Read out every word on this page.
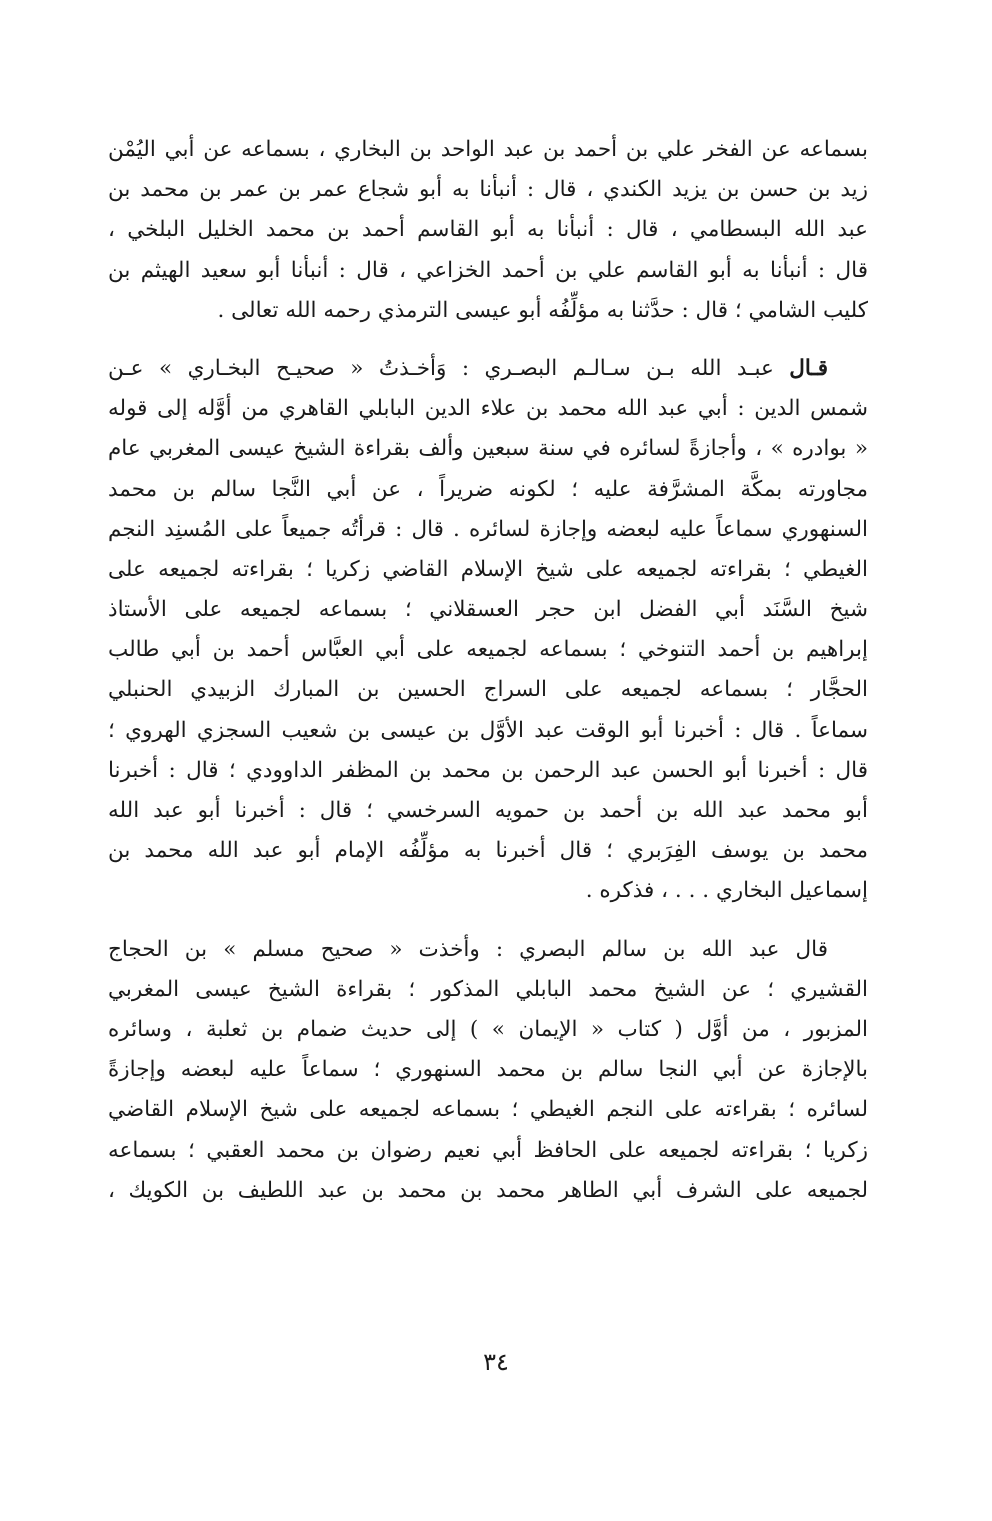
بسماعه عن الفخر علي بن أحمد بن عبد الواحد بن البخاري ، بسماعه عن أبي اليُمْن
زيد بن حسن بن يزيد الكندي ، قال : أنبأنا به أبو شجاع عمر بن عمر بن محمد بن
عبد الله البسطامي ، قال : أنبأنا به أبو القاسم أحمد بن محمد الخليل البلخي ،
قال : أنبأنا به أبو القاسم علي بن أحمد الخزاعي ، قال : أنبأنا أبو سعيد الهيثم بن
كليب الشامي ؛ قال : حدَّثنا به مؤلِّفُه أبو عيسى الترمذي رحمه الله تعالى .
قـال عبـد الله بـن سـالـم البصـري : وَأخـذتُ « صحيـح البخـاري » عـن
شمس الدين : أبي عبد الله محمد بن علاء الدين البابلي القاهري من أوَّله إلى قوله
« بوادره » ، وأجازةً لسائره في سنة سبعين وألف بقراءة الشيخ عيسى المغربي عام
مجاورته بمكَّة المشرَّفة عليه ؛ لكونه ضريراً ، عن أبي النَّجا سالم بن محمد
السنهوري سماعاً عليه لبعضه وإجازة لسائره . قال : قرأتُه جميعاً على المُسنِد النجم
الغيطي ؛ بقراءته لجميعه على شيخ الإسلام القاضي زكريا ؛ بقراءته لجميعه على
شيخ السَّنَد أبي الفضل ابن حجر العسقلاني ؛ بسماعه لجميعه على الأستاذ
إبراهيم بن أحمد التنوخي ؛ بسماعه لجميعه على أبي العبَّاس أحمد بن أبي طالب
الحجَّار ؛ بسماعه لجميعه على السراج الحسين بن المبارك الزبيدي الحنبلي
سماعاً . قال : أخبرنا أبو الوقت عبد الأوَّل بن عيسى بن شعيب السجزي الهروي ؛
قال : أخبرنا أبو الحسن عبد الرحمن بن محمد بن المظفر الداوودي ؛ قال : أخبرنا
أبو محمد عبد الله بن أحمد بن حمويه السرخسي ؛ قال : أخبرنا أبو عبد الله
محمد بن يوسف الفِرَبري ؛ قال أخبرنا به مؤلِّفُه الإمام أبو عبد الله محمد بن
إسماعيل البخاري . . . ، فذكره .
قال عبد الله بن سالم البصري : وأخذت « صحيح مسلم » بن الحجاج
القشيري ؛ عن الشيخ محمد البابلي المذكور ؛ بقراءة الشيخ عيسى المغربي
المزبور ، من أوَّل ( كتاب « الإيمان » ) إلى حديث ضمام بن ثعلبة ، وسائره
بالإجازة عن أبي النجا سالم بن محمد السنهوري ؛ سماعاً عليه لبعضه وإجازةً
لسائره ؛ بقراءته على النجم الغيطي ؛ بسماعه لجميعه على شيخ الإسلام القاضي
زكريا ؛ بقراءته لجميعه على الحافظ أبي نعيم رضوان بن محمد العقبي ؛ بسماعه
لجميعه على الشرف أبي الطاهر محمد بن محمد بن عبد اللطيف بن الكويك ،
٣٤
